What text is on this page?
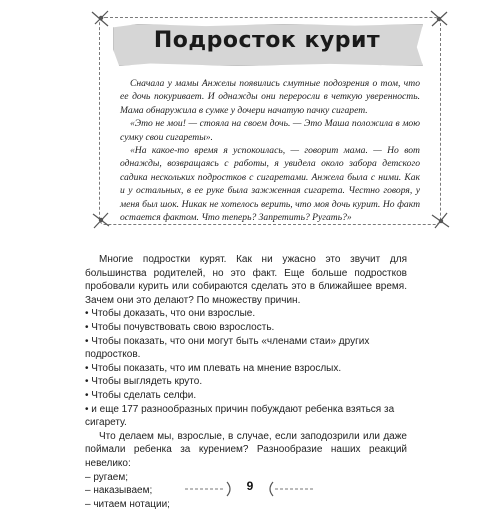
Подросток курит

Сначала у мамы Анжелы появились смутные подозрения о том, что ее дочь покуривает. И однажды они переросли в четкую уверенность. Мама обнаружила в сумке у дочери начатую пачку сигарет.

«Это не мои! — стояла на своем дочь. — Это Маша положила в мою сумку свои сигареты».

«На какое-то время я успокоилась, — говорит мама. — Но вот однажды, возвращаясь с работы, я увидела около забора детского садика нескольких подростков с сигаретами. Анжела была с ними. Как и у остальных, в ее руке была зажженная сигарета. Честно говоря, у меня был шок. Никак не хотелось верить, что моя дочь курит. Но факт остается фактом. Что теперь? Запретить? Ругать?»

Многие подростки курят. Как ни ужасно это звучит для большинства родителей, но это факт. Еще больше подростков пробовали курить или собираются сделать это в ближайшее время. Зачем они это делают? По множеству причин.

• Чтобы доказать, что они взрослые.
• Чтобы почувствовать свою взрослость.
• Чтобы показать, что они могут быть «членами стаи» других подростков.
• Чтобы показать, что им плевать на мнение взрослых.
• Чтобы выглядеть круто.
• Чтобы сделать селфи.
• и еще 177 разнообразных причин побуждают ребенка взяться за сигарету.

Что делаем мы, взрослые, в случае, если заподозрили или даже поймали ребенка за курением? Разнообразие наших реакций невелико:

– ругаем;
– наказываем;
– читаем нотации;
9
